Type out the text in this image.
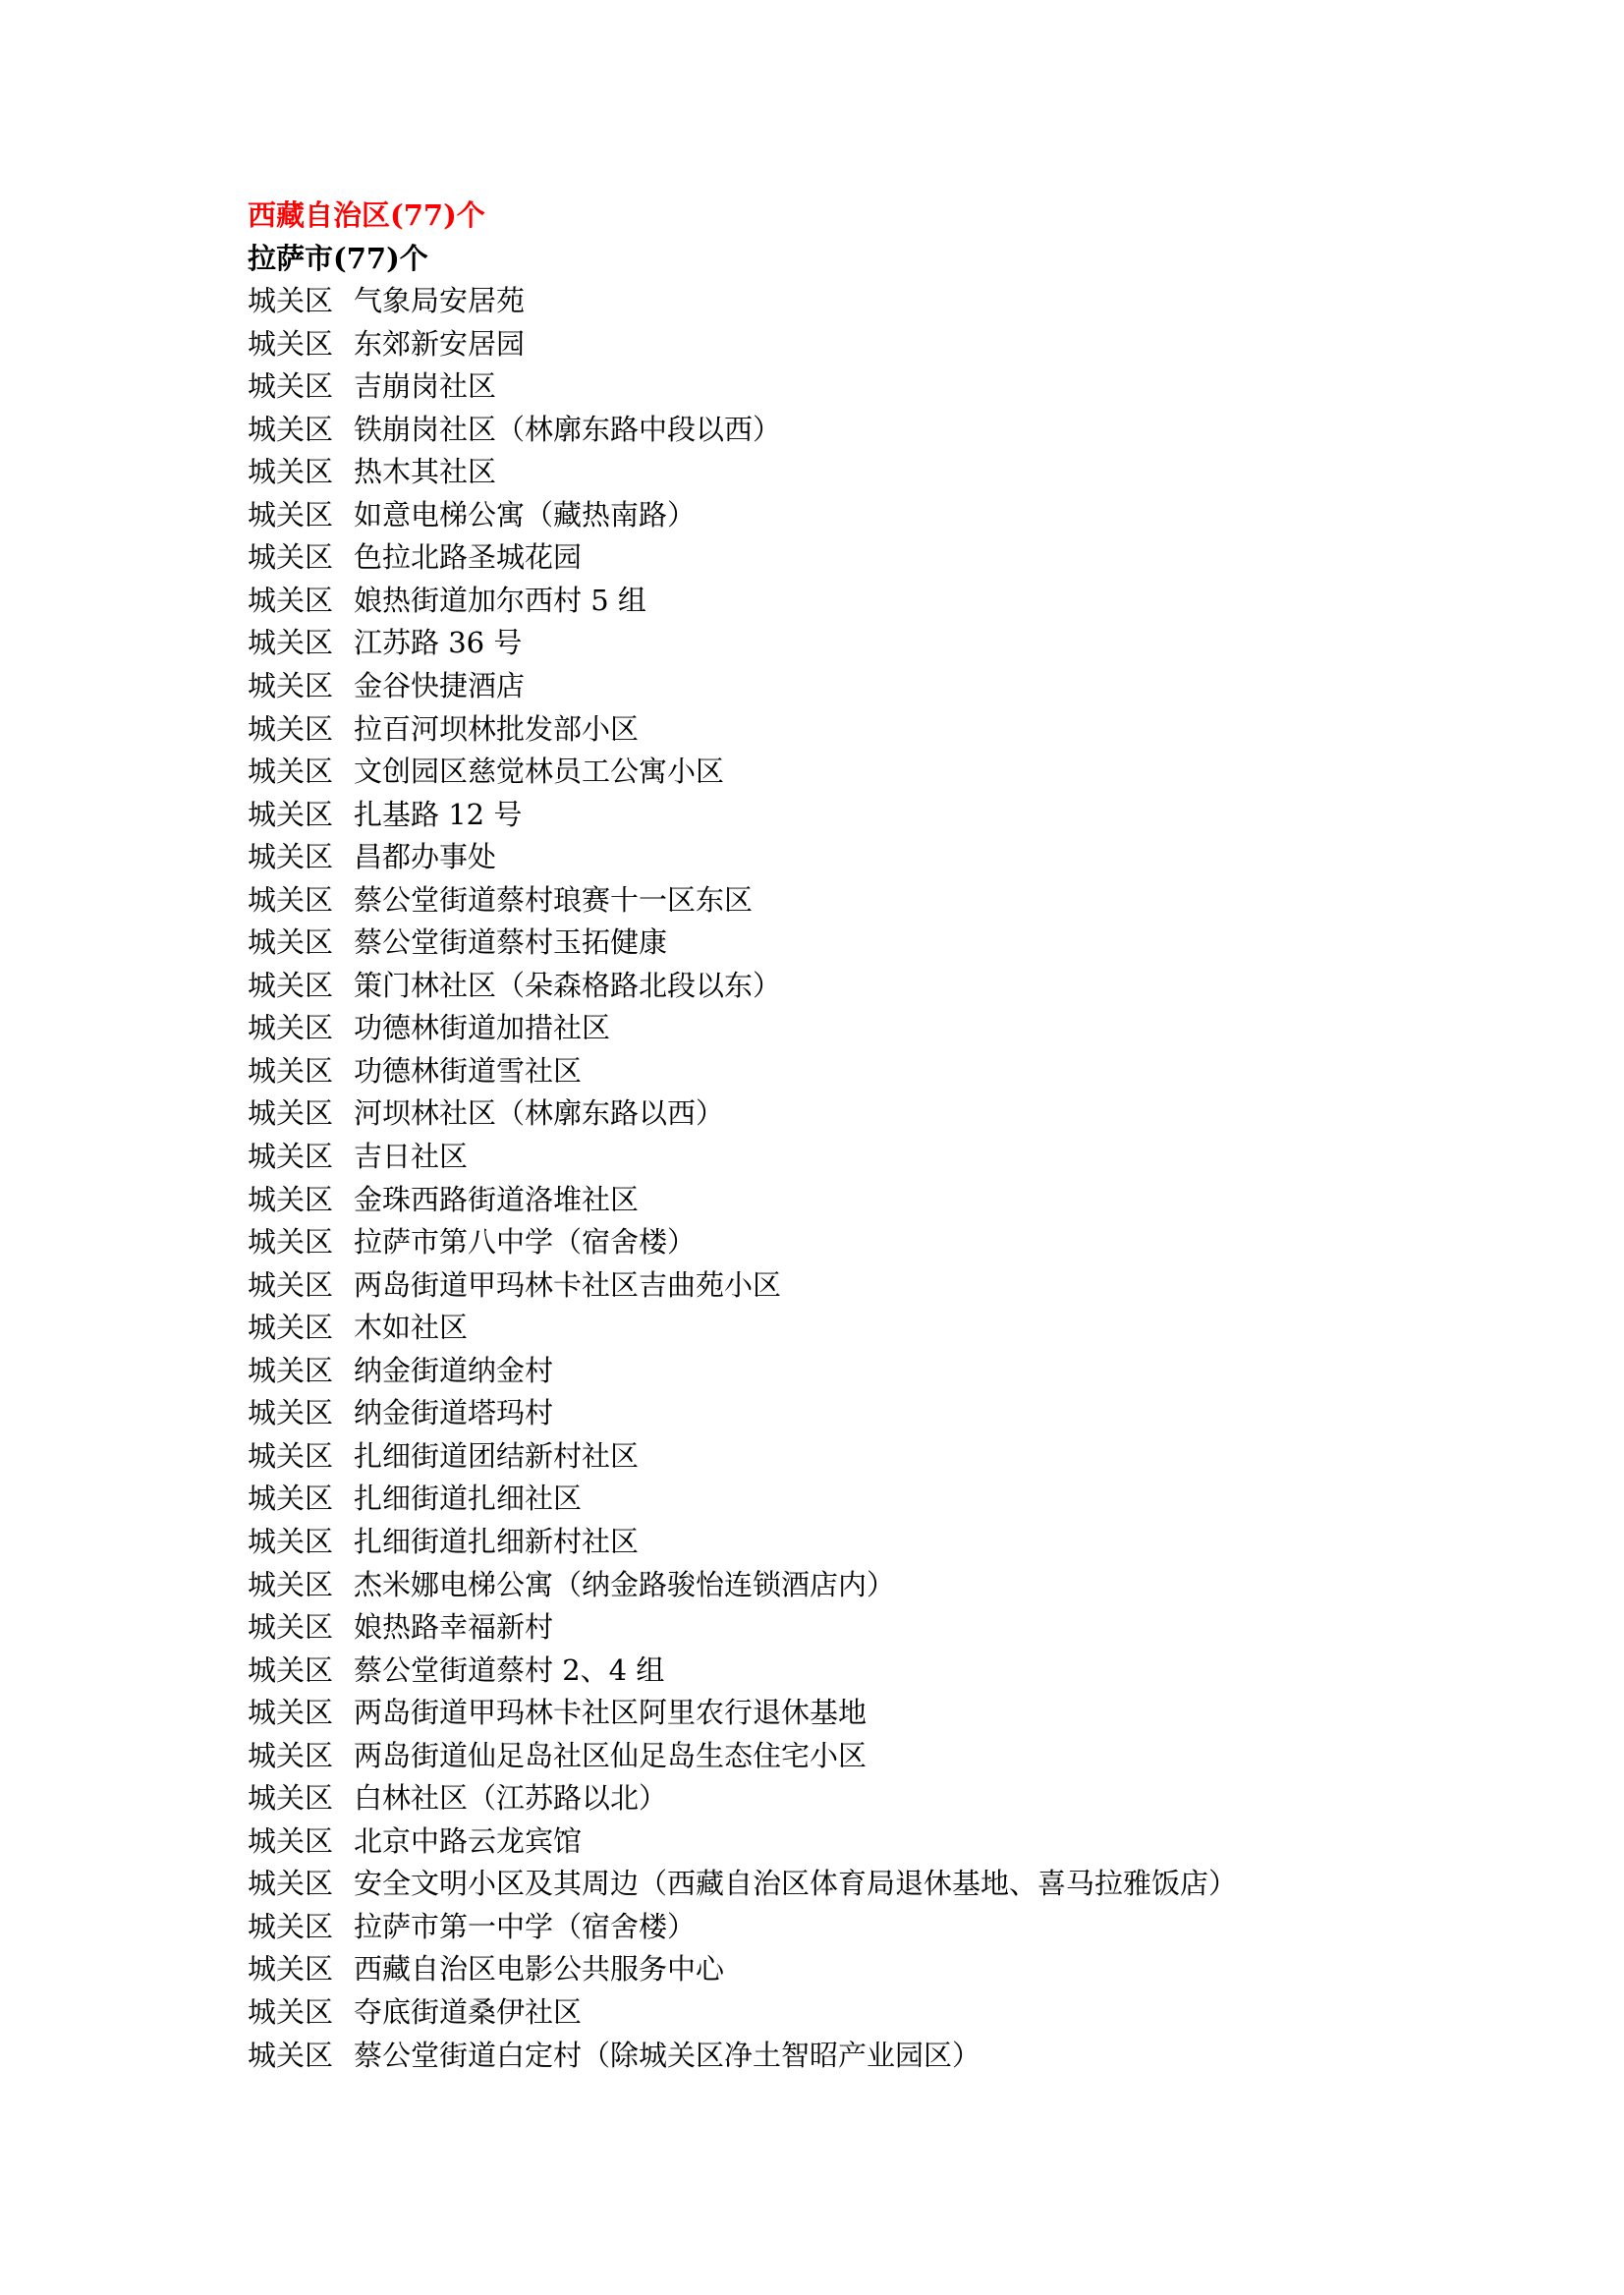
西藏自治区(77)个

拉萨市(77)个

城关区 气象局安居苑

城关区 东郊新安居园

城关区 吉崩岗社区

城关区 铁崩岗社区（林廓东路中段以西）

城关区 热木其社区

城关区 如意电梯公寓（藏热南路）

城关区 色拉北路圣城花园

城关区 娘热街道加尔西村 5 组

城关区 江苏路 36 号

城关区 金谷快捷酒店

城关区 拉百河坝林批发部小区

城关区 文创园区慈觉林员工公寓小区

城关区 扎基路 12 号

城关区 昌都办事处

城关区 蔡公堂街道蔡村琅赛十一区东区

城关区 蔡公堂街道蔡村玉拓健康

城关区 策门林社区（朵森格路北段以东）

城关区 功德林街道加措社区

城关区 功德林街道雪社区

城关区 河坝林社区（林廓东路以西）

城关区 吉日社区

城关区 金珠西路街道洛堆社区

城关区 拉萨市第八中学（宿舍楼）

城关区 两岛街道甲玛林卡社区吉曲苑小区

城关区 木如社区

城关区 纳金街道纳金村

城关区 纳金街道塔玛村

城关区 扎细街道团结新村社区

城关区 扎细街道扎细社区

城关区 扎细街道扎细新村社区

城关区 杰米娜电梯公寓（纳金路骏怡连锁酒店内）

城关区 娘热路幸福新村

城关区 蔡公堂街道蔡村 2、4 组

城关区 两岛街道甲玛林卡社区阿里农行退休基地

城关区 两岛街道仙足岛社区仙足岛生态住宅小区

城关区 白林社区（江苏路以北）

城关区 北京中路云龙宾馆

城关区 安全文明小区及其周边（西藏自治区体育局退休基地、喜马拉雅饭店）

城关区 拉萨市第一中学（宿舍楼）

城关区 西藏自治区电影公共服务中心

城关区 夺底街道桑伊社区

城关区 蔡公堂街道白定村（除城关区净土智昭产业园区）
